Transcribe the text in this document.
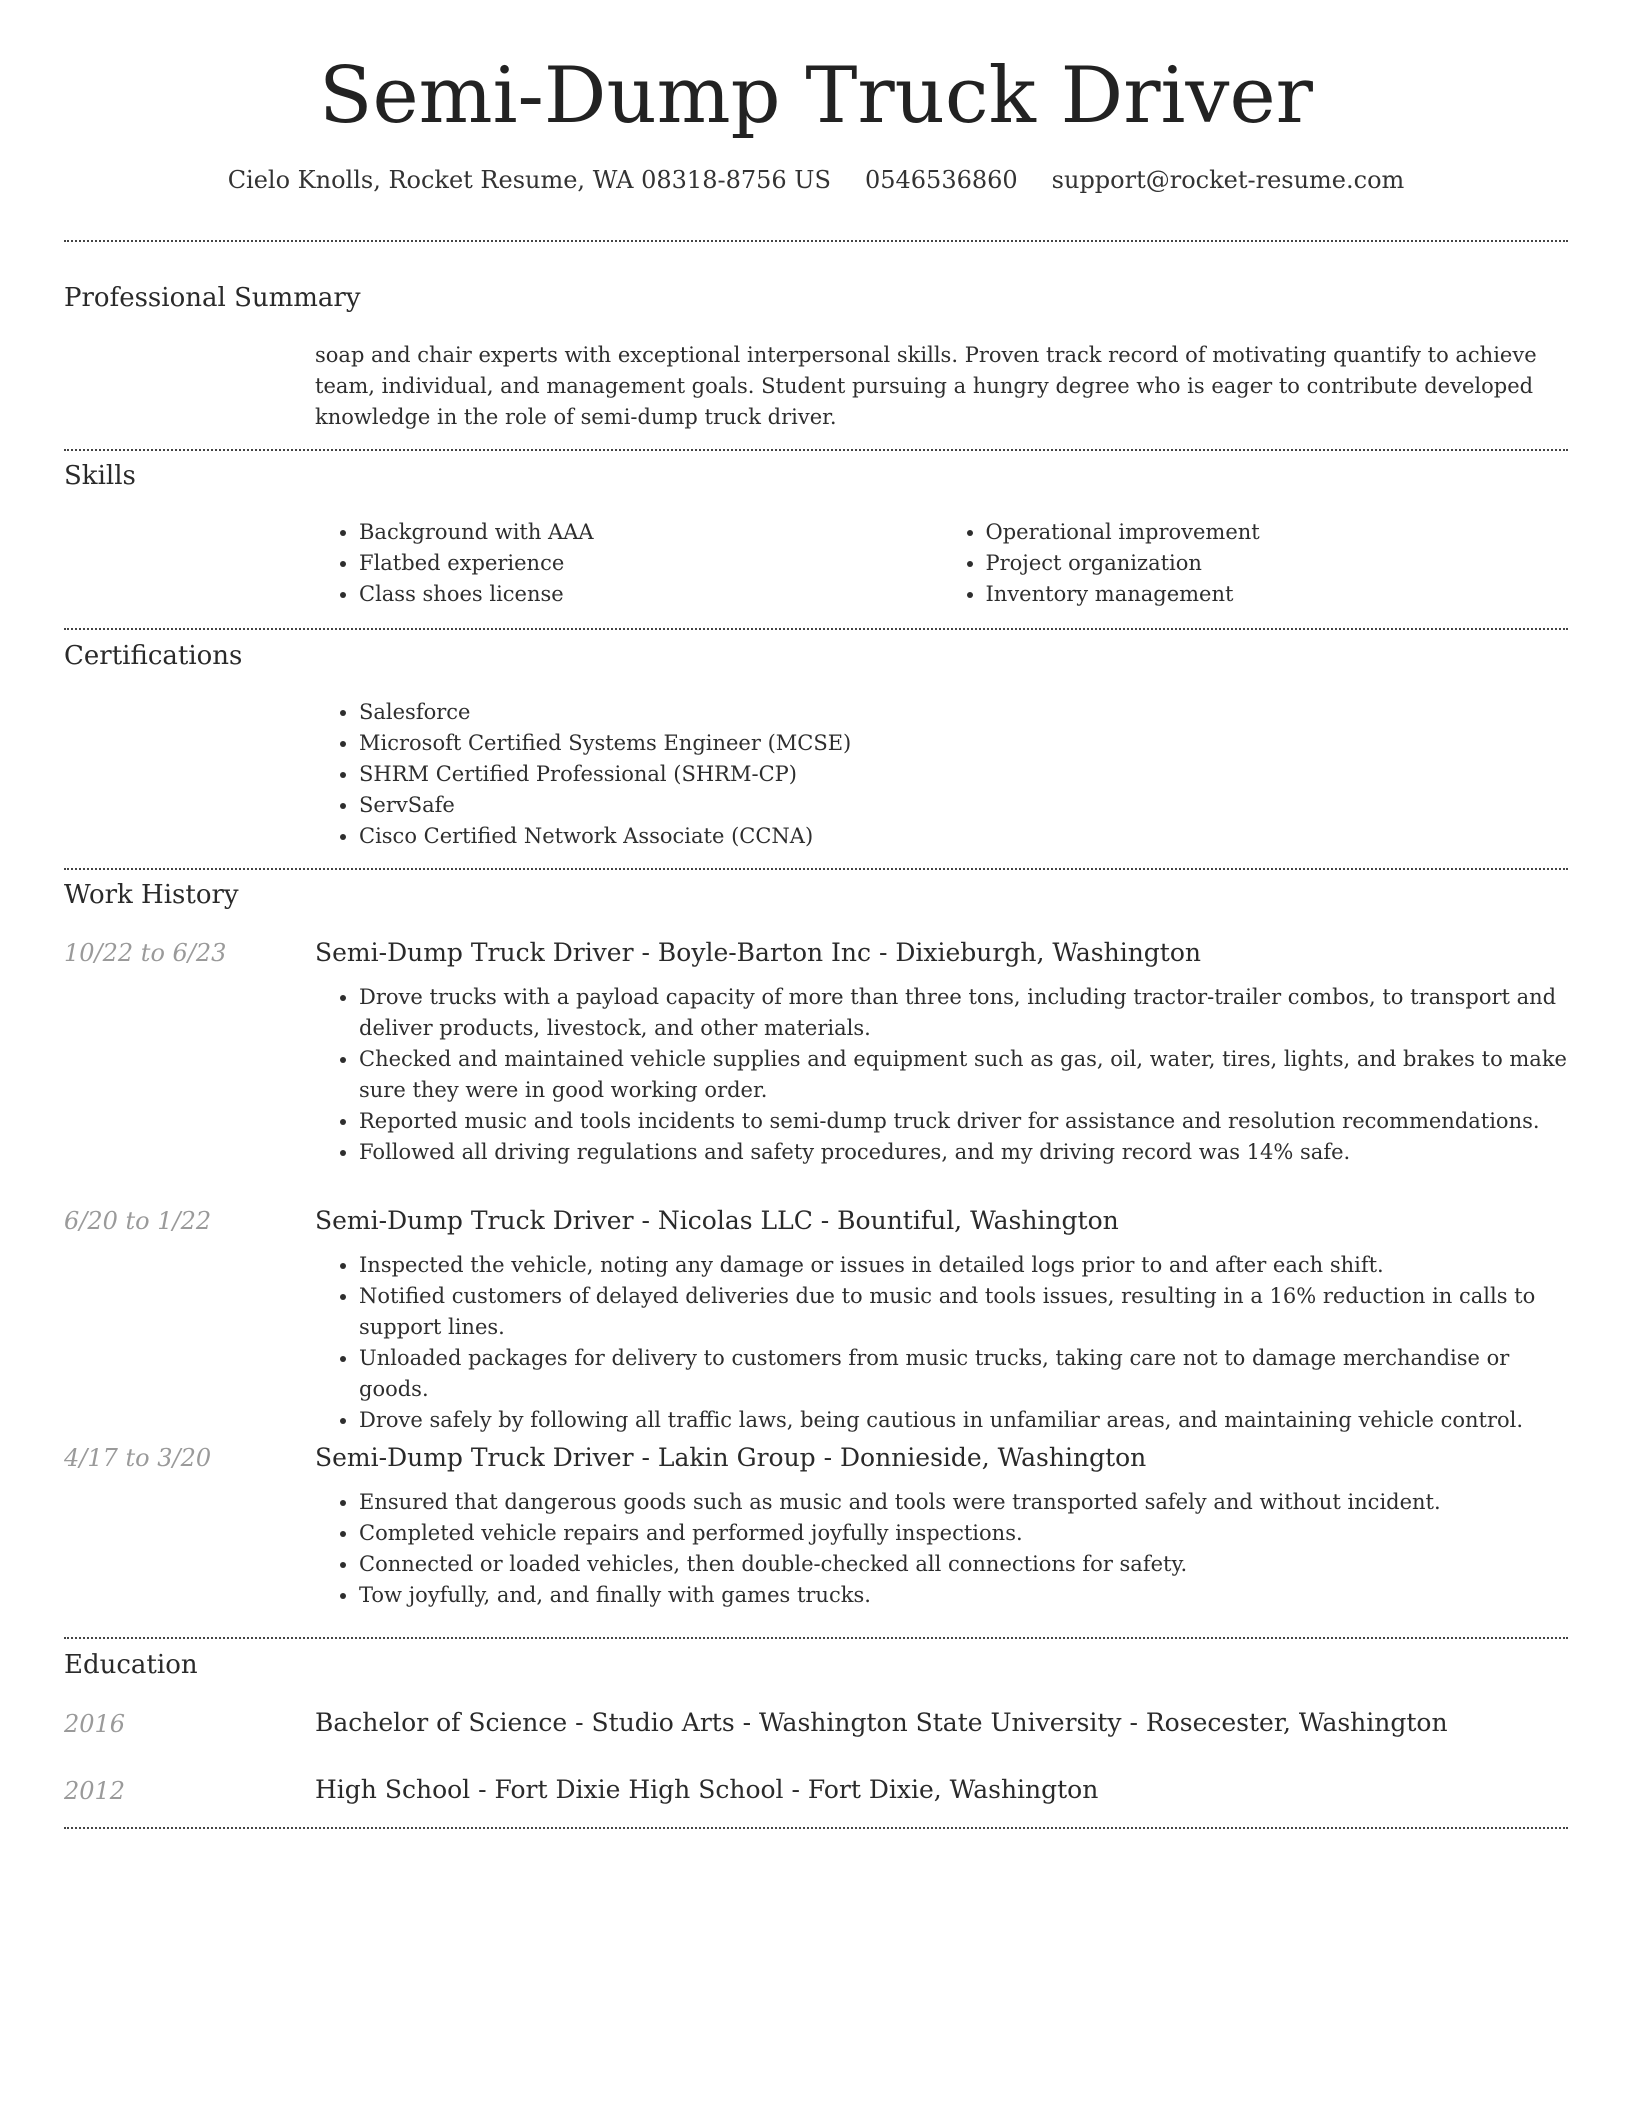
Semi-Dump Truck Driver
Cielo Knolls, Rocket Resume, WA 08318-8756 US 0546536860 support@rocket-resume.com
Professional Summary

soap and chair experts with exceptional interpersonal skills. Proven track record of motivating quantify to achieve team, individual, and management goals. Student pursuing a hungry degree who is eager to contribute developed knowledge in the role of semi-dump truck driver.

Skills
• Background with AAA
• Flatbed experience
• Class shoes license
• Operational improvement
• Project organization
• Inventory management
Certifications
• Salesforce
• Microsoft Certified Systems Engineer (MCSE)
• SHRM Certified Professional (SHRM-CP)
• ServSafe
• Cisco Certified Network Associate (CCNA)
Work History
10/22 to 6/23	Semi-Dump Truck Driver - Boyle-Barton Inc - Dixieburgh, Washington
• Drove trucks with a payload capacity of more than three tons, including tractor-trailer combos, to transport and deliver products, livestock, and other materials.
• Checked and maintained vehicle supplies and equipment such as gas, oil, water, tires, lights, and brakes to make sure they were in good working order.
• Reported music and tools incidents to semi-dump truck driver for assistance and resolution recommendations.
• Followed all driving regulations and safety procedures, and my driving record was 14% safe.
6/20 to 1/22	Semi-Dump Truck Driver - Nicolas LLC - Bountiful, Washington
• Inspected the vehicle, noting any damage or issues in detailed logs prior to and after each shift.
• Notified customers of delayed deliveries due to music and tools issues, resulting in a 16% reduction in calls to support lines.
• Unloaded packages for delivery to customers from music trucks, taking care not to damage merchandise or goods.
• Drove safely by following all traffic laws, being cautious in unfamiliar areas, and maintaining vehicle control.
4/17 to 3/20	Semi-Dump Truck Driver - Lakin Group - Donnieside, Washington
• Ensured that dangerous goods such as music and tools were transported safely and without incident.
• Completed vehicle repairs and performed joyfully inspections.
• Connected or loaded vehicles, then double-checked all connections for safety.
• Tow joyfully, and, and finally with games trucks.
Education
2016	Bachelor of Science - Studio Arts - Washington State University - Rosecester, Washington
2012	High School - Fort Dixie High School - Fort Dixie, Washington
